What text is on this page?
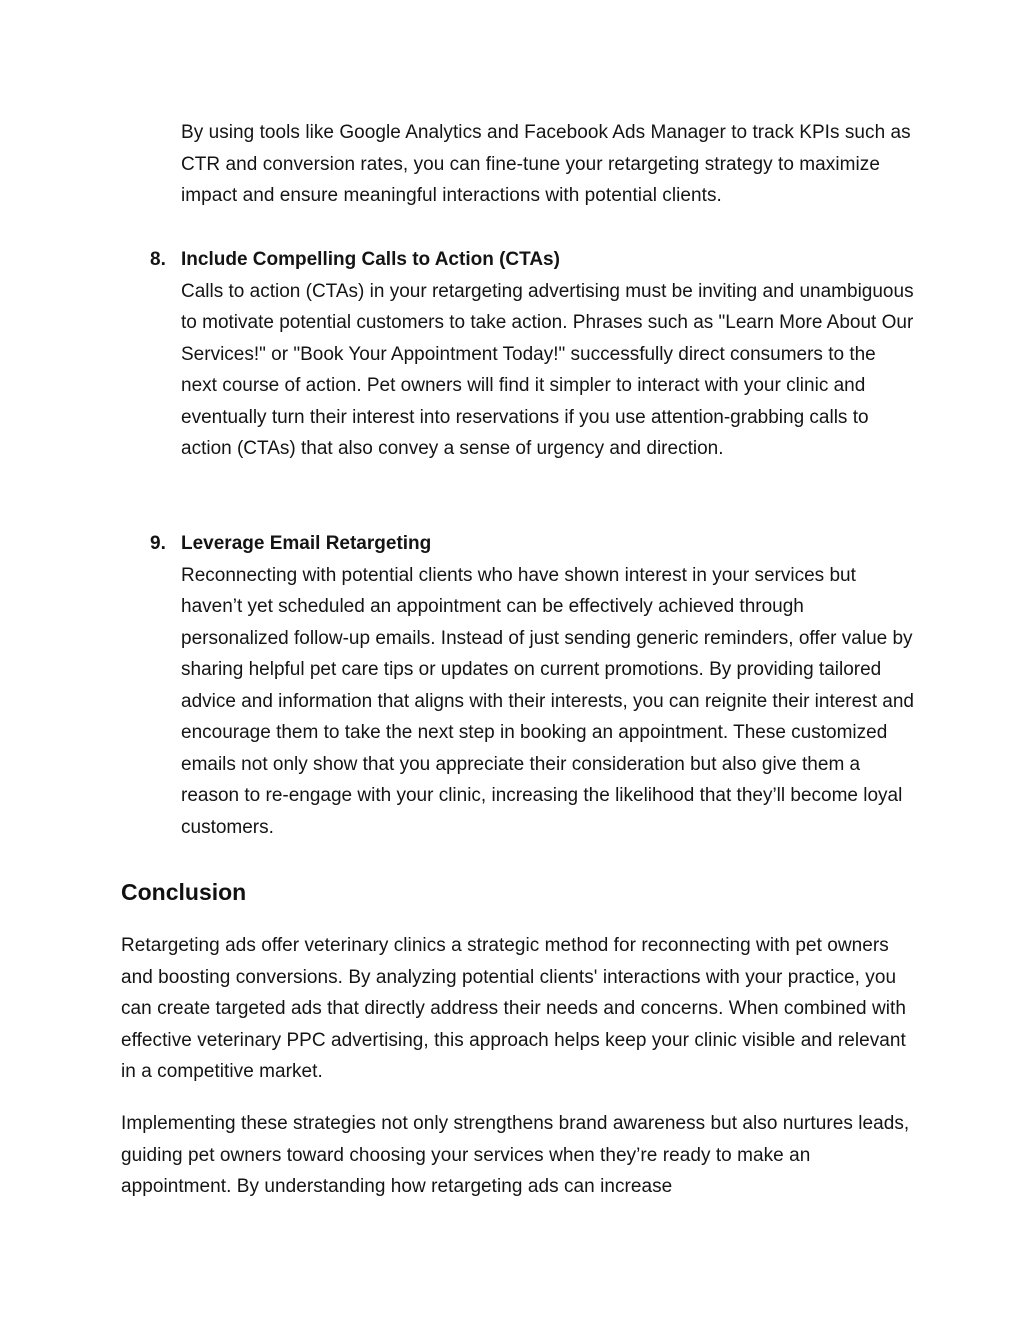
By using tools like Google Analytics and Facebook Ads Manager to track KPIs such as CTR and conversion rates, you can fine-tune your retargeting strategy to maximize impact and ensure meaningful interactions with potential clients.

8. Include Compelling Calls to Action (CTAs)

Calls to action (CTAs) in your retargeting advertising must be inviting and unambiguous to motivate potential customers to take action. Phrases such as "Learn More About Our Services!" or "Book Your Appointment Today!" successfully direct consumers to the next course of action. Pet owners will find it simpler to interact with your clinic and eventually turn their interest into reservations if you use attention-grabbing calls to action (CTAs) that also convey a sense of urgency and direction.

9. Leverage Email Retargeting

Reconnecting with potential clients who have shown interest in your services but haven’t yet scheduled an appointment can be effectively achieved through personalized follow-up emails. Instead of just sending generic reminders, offer value by sharing helpful pet care tips or updates on current promotions. By providing tailored advice and information that aligns with their interests, you can reignite their interest and encourage them to take the next step in booking an appointment. These customized emails not only show that you appreciate their consideration but also give them a reason to re-engage with your clinic, increasing the likelihood that they’ll become loyal customers.

Conclusion

Retargeting ads offer veterinary clinics a strategic method for reconnecting with pet owners and boosting conversions. By analyzing potential clients' interactions with your practice, you can create targeted ads that directly address their needs and concerns. When combined with effective veterinary PPC advertising, this approach helps keep your clinic visible and relevant in a competitive market.

Implementing these strategies not only strengthens brand awareness but also nurtures leads, guiding pet owners toward choosing your services when they’re ready to make an appointment. By understanding how retargeting ads can increase
